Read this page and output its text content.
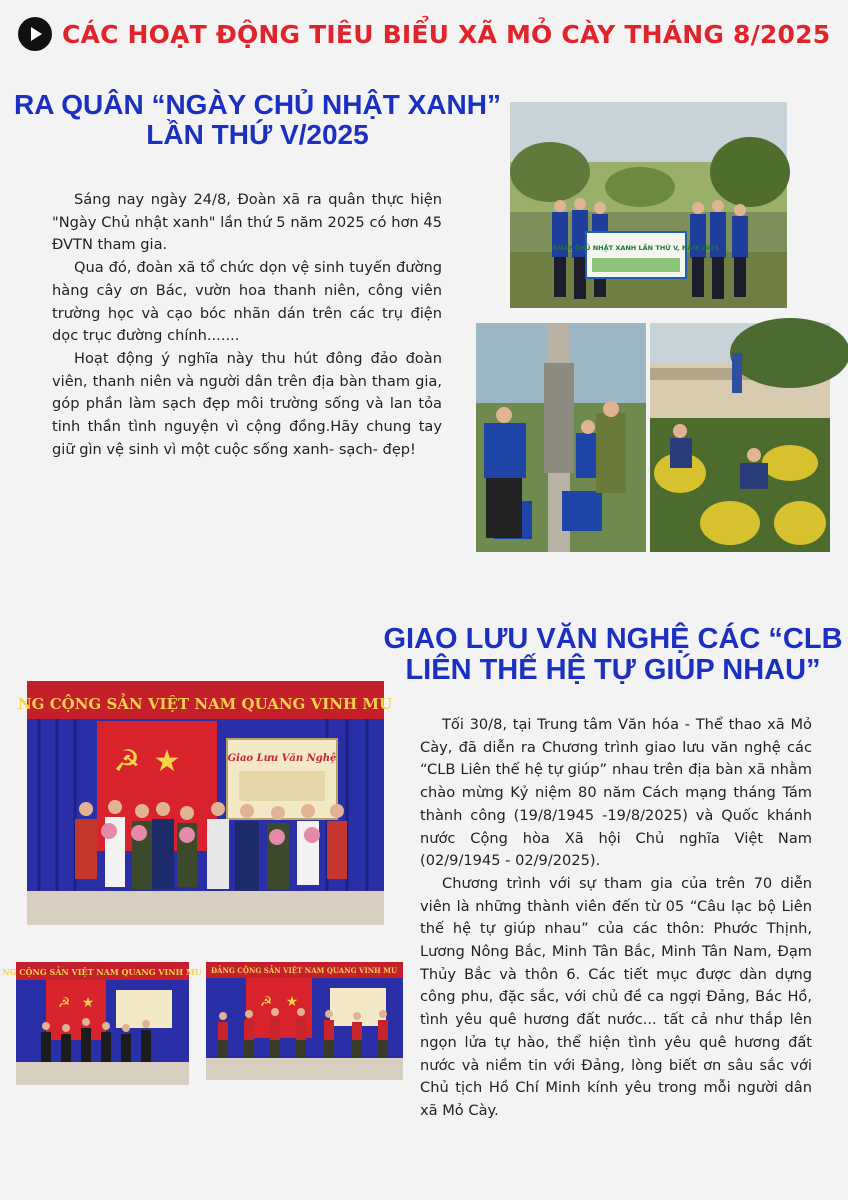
CÁC HOẠT ĐỘNG TIÊU BIỂU XÃ MỎ CÀY THÁNG 8/2025
RA QUÂN “NGÀY CHỦ NHẬT XANH”
LẦN THỨ V/2025

Sáng nay ngày 24/8, Đoàn xã ra quân thực hiện "Ngày Chủ nhật xanh" lần thứ 5 năm 2025 có hơn 45 ĐVTN tham gia.

Qua đó, đoàn xã tổ chức dọn vệ sinh tuyến đường hàng cây ơn Bác, vườn hoa thanh niên, công viên trường học và cạo bóc nhãn dán trên các trụ điện dọc trục đường chính.......

Hoạt động ý nghĩa này thu hút đông đảo đoàn viên, thanh niên và người dân trên địa bàn tham gia, góp phần làm sạch đẹp môi trường sống và lan tỏa tinh thần tình nguyện vì cộng đồng.Hãy chung tay giữ gìn vệ sinh vì một cuộc sống xanh- sạch- đẹp!

NGÀY CHỦ NHẬT XANH LẦN THỨ V, NĂM 2025
GIAO LƯU VĂN NGHỆ CÁC “CLB
LIÊN THẾ HỆ TỰ GIÚP NHAU”
NG CỘNG SẢN VIỆT NAM QUANG VINH MU
☭ ★	Giao Lưu Văn Nghệ
NG CỘNG SẢN VIỆT NAM QUANG VINH MU
☭ ★
ĐẢNG CỘNG SẢN VIỆT NAM QUANG VINH MU
☭ ★

Tối 30/8, tại Trung tâm Văn hóa - Thể thao xã Mỏ Cày, đã diễn ra Chương trình giao lưu văn nghệ các “CLB Liên thế hệ tự giúp” nhau trên địa bàn xã nhằm chào mừng Kỷ niệm 80 năm Cách mạng tháng Tám thành công (19/8/1945 -19/8/2025) và Quốc khánh nước Cộng hòa Xã hội Chủ nghĩa Việt Nam (02/9/1945 - 02/9/2025).

Chương trình với sự tham gia của trên 70 diễn viên là những thành viên đến từ 05 “Câu lạc bộ Liên thế hệ tự giúp nhau” của các thôn: Phước Thịnh, Lương Nông Bắc, Minh Tân Bắc, Minh Tân Nam, Đạm Thủy Bắc và thôn 6. Các tiết mục được dàn dựng công phu, đặc sắc, với chủ đề ca ngợi Đảng, Bác Hồ, tình yêu quê hương đất nước... tất cả như thắp lên ngọn lửa tự hào, thể hiện tình yêu quê hương đất nước và niềm tin với Đảng, lòng biết ơn sâu sắc với Chủ tịch Hồ Chí Minh kính yêu trong mỗi người dân xã Mỏ Cày.
